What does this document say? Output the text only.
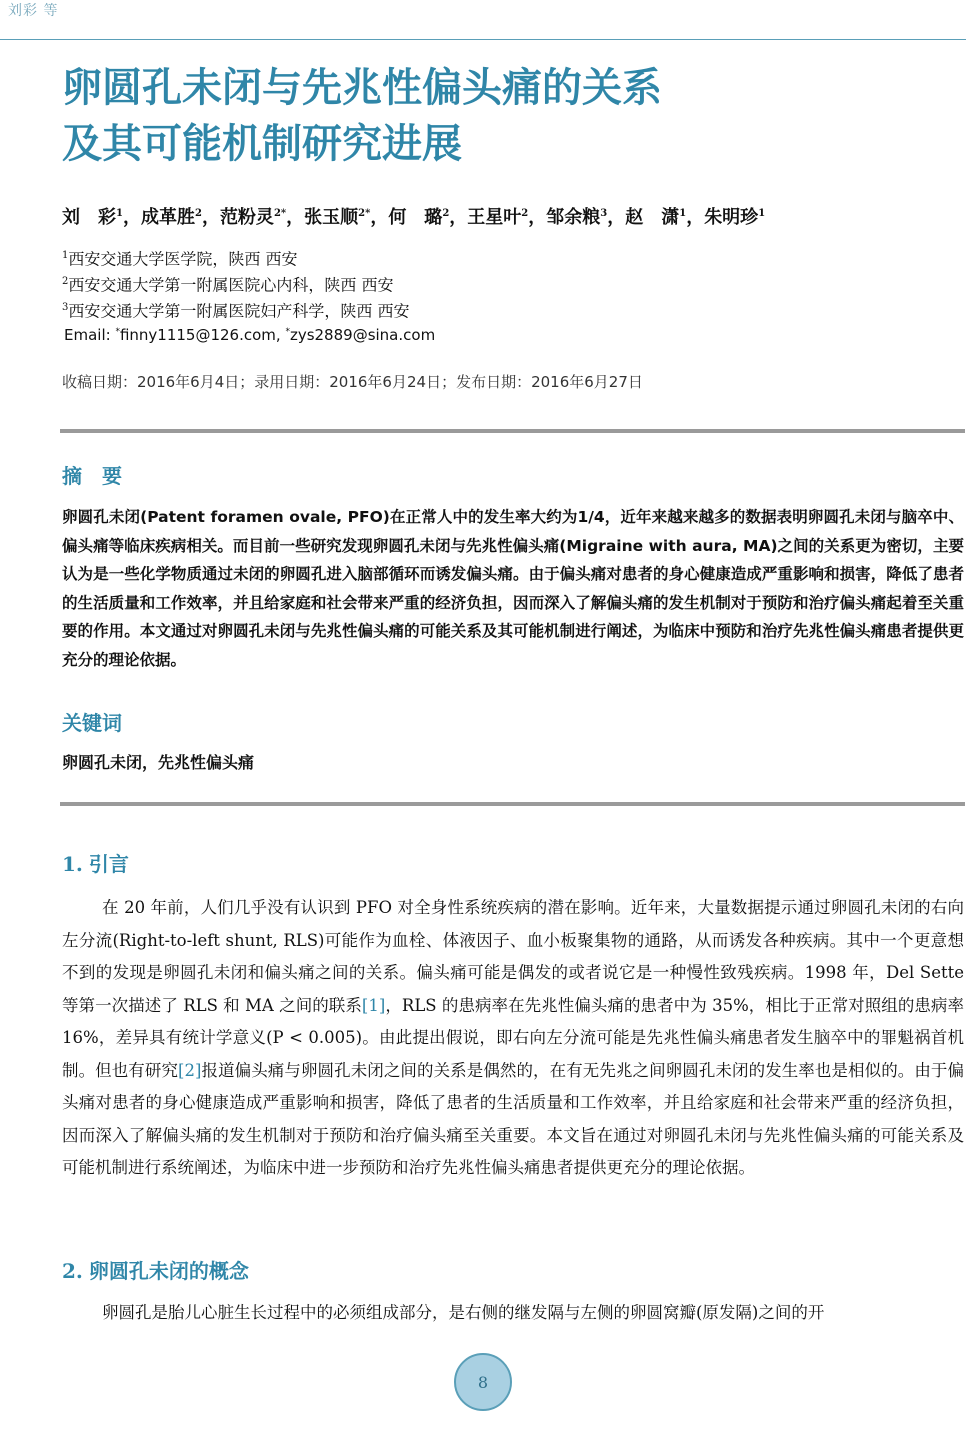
刘彩 等
卵圆孔未闭与先兆性偏头痛的关系
及其可能机制研究进展
刘　彩$^1$，成革胜$^2$，范粉灵$^{2*}$，张玉顺$^{2*}$，何　璐$^2$，王星叶$^2$，邹余粮$^3$，赵　潇$^1$，朱明珍$^1$
$^1$西安交通大学医学院，陕西 西安
$^2$西安交通大学第一附属医院心内科，陕西 西安
$^3$西安交通大学第一附属医院妇产科学，陕西 西安
Email: *finny1115@126.com, *zys2889@sina.com
收稿日期：2016年6月4日；录用日期：2016年6月24日；发布日期：2016年6月27日
摘　要

卵圆孔未闭(Patent foramen ovale, PFO)在正常人中的发生率大约为1/4，近年来越来越多的数据表明卵圆孔未闭与脑卒中、偏头痛等临床疾病相关。而目前一些研究发现卵圆孔未闭与先兆性偏头痛(Migraine with aura, MA)之间的关系更为密切，主要认为是一些化学物质通过未闭的卵圆孔进入脑部循环而诱发偏头痛。由于偏头痛对患者的身心健康造成严重影响和损害，降低了患者的生活质量和工作效率，并且给家庭和社会带来严重的经济负担，因而深入了解偏头痛的发生机制对于预防和治疗偏头痛起着至关重要的作用。本文通过对卵圆孔未闭与先兆性偏头痛的可能关系及其可能机制进行阐述，为临床中预防和治疗先兆性偏头痛患者提供更充分的理论依据。

关键词
卵圆孔未闭，先兆性偏头痛
1. 引言

在 20 年前，人们几乎没有认识到 PFO 对全身性系统疾病的潜在影响。近年来，大量数据提示通过卵圆孔未闭的右向左分流(Right-to-left shunt, RLS)可能作为血栓、体液因子、血小板聚集物的通路，从而诱发各种疾病。其中一个更意想不到的发现是卵圆孔未闭和偏头痛之间的关系。偏头痛可能是偶发的或者说它是一种慢性致残疾病。1998 年，Del Sette 等第一次描述了 RLS 和 MA 之间的联系[1]，RLS 的患病率在先兆性偏头痛的患者中为 35%，相比于正常对照组的患病率 16%，差异具有统计学意义(P < 0.005)。由此提出假说，即右向左分流可能是先兆性偏头痛患者发生脑卒中的罪魁祸首机制。但也有研究[2]报道偏头痛与卵圆孔未闭之间的关系是偶然的，在有无先兆之间卵圆孔未闭的发生率也是相似的。由于偏头痛对患者的身心健康造成严重影响和损害，降低了患者的生活质量和工作效率，并且给家庭和社会带来严重的经济负担，因而深入了解偏头痛的发生机制对于预防和治疗偏头痛至关重要。本文旨在通过对卵圆孔未闭与先兆性偏头痛的可能关系及可能机制进行系统阐述，为临床中进一步预防和治疗先兆性偏头痛患者提供更充分的理论依据。

2. 卵圆孔未闭的概念

卵圆孔是胎儿心脏生长过程中的必须组成部分，是右侧的继发隔与左侧的卵圆窝瓣(原发隔)之间的开

8
